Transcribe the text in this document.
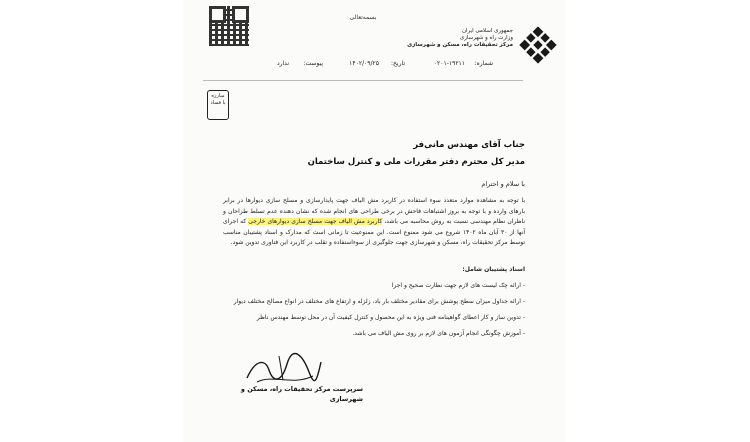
بسمه‌تعالی
جمهوری اسلامی ایران
وزارت راه و شهرسازی
مرکز تحقیقات راه، مسکن و شهرسازی
شماره:
۰۲۰۱-۱۹۲۱۱
تاریخ:
۱۴۰۲/۰۹/۲۵
پیوست:
ندارد
مبارزه
با فساد
جناب آقای مهندس مانی‌فر
مدیر کل محترم دفتر مقررات ملی و کنترل ساختمان
با سلام و احترام
با توجه به مشاهده موارد متعدد سوء استفاده در کاربرد مش الیاف جهت پایدارسازی و مسلح سازی دیوارها در برابر بارهای وارده و با توجه به بروز اشتباهات فاحش در برخی طراحی های انجام شده که نشان دهنده عدم تسلط طراحان و ناظران نظام مهندسی نسبت به روش محاسبه می باشد، کاربرد مش الیاف جهت مسلح سازی دیوارهای خارجی که اجرای آنها از ۳۰ آبان ماه ۱۴۰۲ شروع می شود ممنوع است. این ممنوعیت تا زمانی است که مدارک و اسناد پشتیبان مناسب توسط مرکز تحقیقات راه، مسکن و شهرسازی جهت جلوگیری از سوءاستفاده و تقلب در کاربرد این فناوری تدوین شود.
اسناد پشتیبان شامل:
- ارائه چک لیست های لازم جهت نظارت صحیح و اجرا
- ارائه جداول میزان سطح پوشش برای مقادیر مختلف بار باد، زلزله و ارتفاع های مختلف در انواع مصالح مختلف دیوار
- تدوین ساز و کار اعطای گواهینامه فنی ویژه به این محصول و کنترل کیفیت آن در محل توسط مهندس ناظر
- آموزش چگونگی انجام آزمون های لازم بر روی مش الیاف می باشد.
سرپرست مرکز تحقیقات راه، مسکن و
شهرسازی
